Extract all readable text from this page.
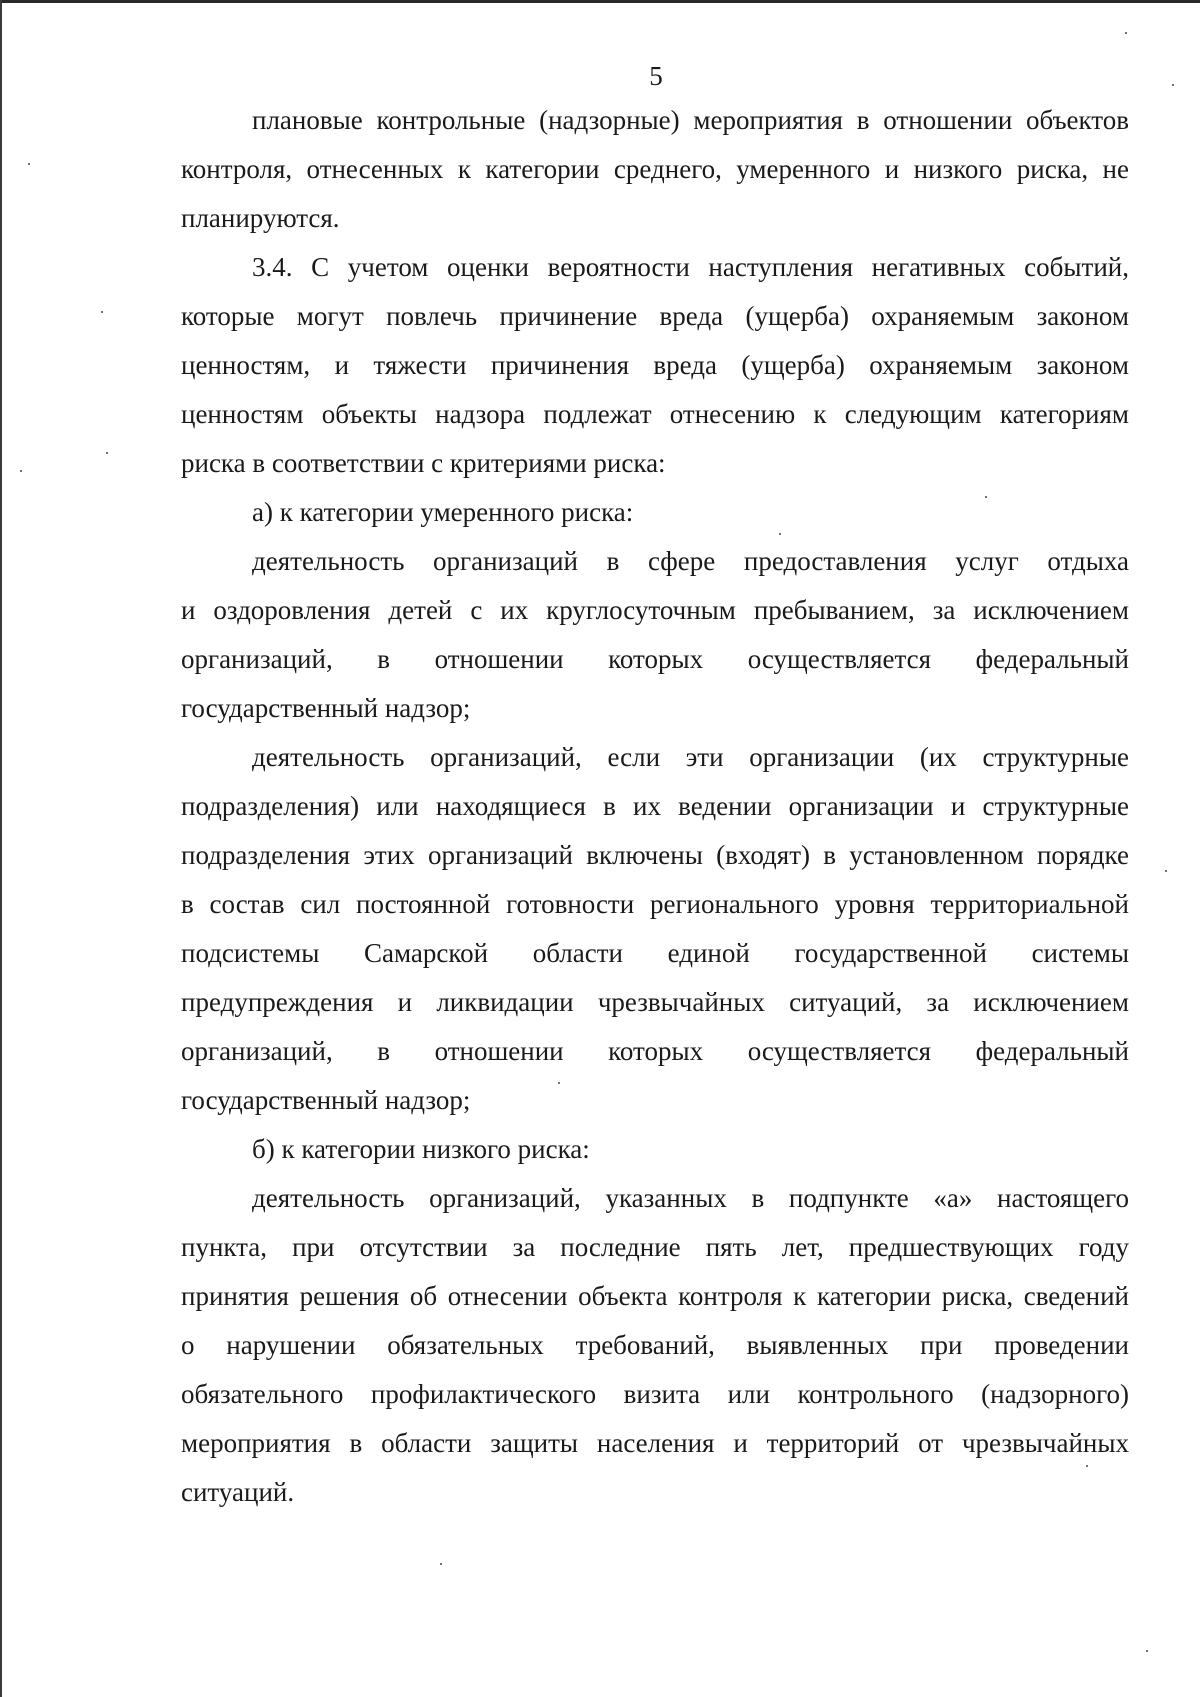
5
плановые контрольные (надзорные) мероприятия в отношении объектов
контроля, отнесенных к категории среднего, умеренного и низкого риска, не
планируются.
3.4. С учетом оценки вероятности наступления негативных событий,
которые могут повлечь причинение вреда (ущерба) охраняемым законом
ценностям, и тяжести причинения вреда (ущерба) охраняемым законом
ценностям объекты надзора подлежат отнесению к следующим категориям
риска в соответствии с критериями риска:
а) к категории умеренного риска:
деятельность организаций в сфере предоставления услуг отдыха
и оздоровления детей с их круглосуточным пребыванием, за исключением
организаций, в отношении которых осуществляется федеральный
государственный надзор;
деятельность организаций, если эти организации (их структурные
подразделения) или находящиеся в их ведении организации и структурные
подразделения этих организаций включены (входят) в установленном порядке
в состав сил постоянной готовности регионального уровня территориальной
подсистемы Самарской области единой государственной системы
предупреждения и ликвидации чрезвычайных ситуаций, за исключением
организаций, в отношении которых осуществляется федеральный
государственный надзор;
б) к категории низкого риска:
деятельность организаций, указанных в подпункте «а» настоящего
пункта, при отсутствии за последние пять лет, предшествующих году
принятия решения об отнесении объекта контроля к категории риска, сведений
о нарушении обязательных требований, выявленных при проведении
обязательного профилактического визита или контрольного (надзорного)
мероприятия в области защиты населения и территорий от чрезвычайных
ситуаций.
